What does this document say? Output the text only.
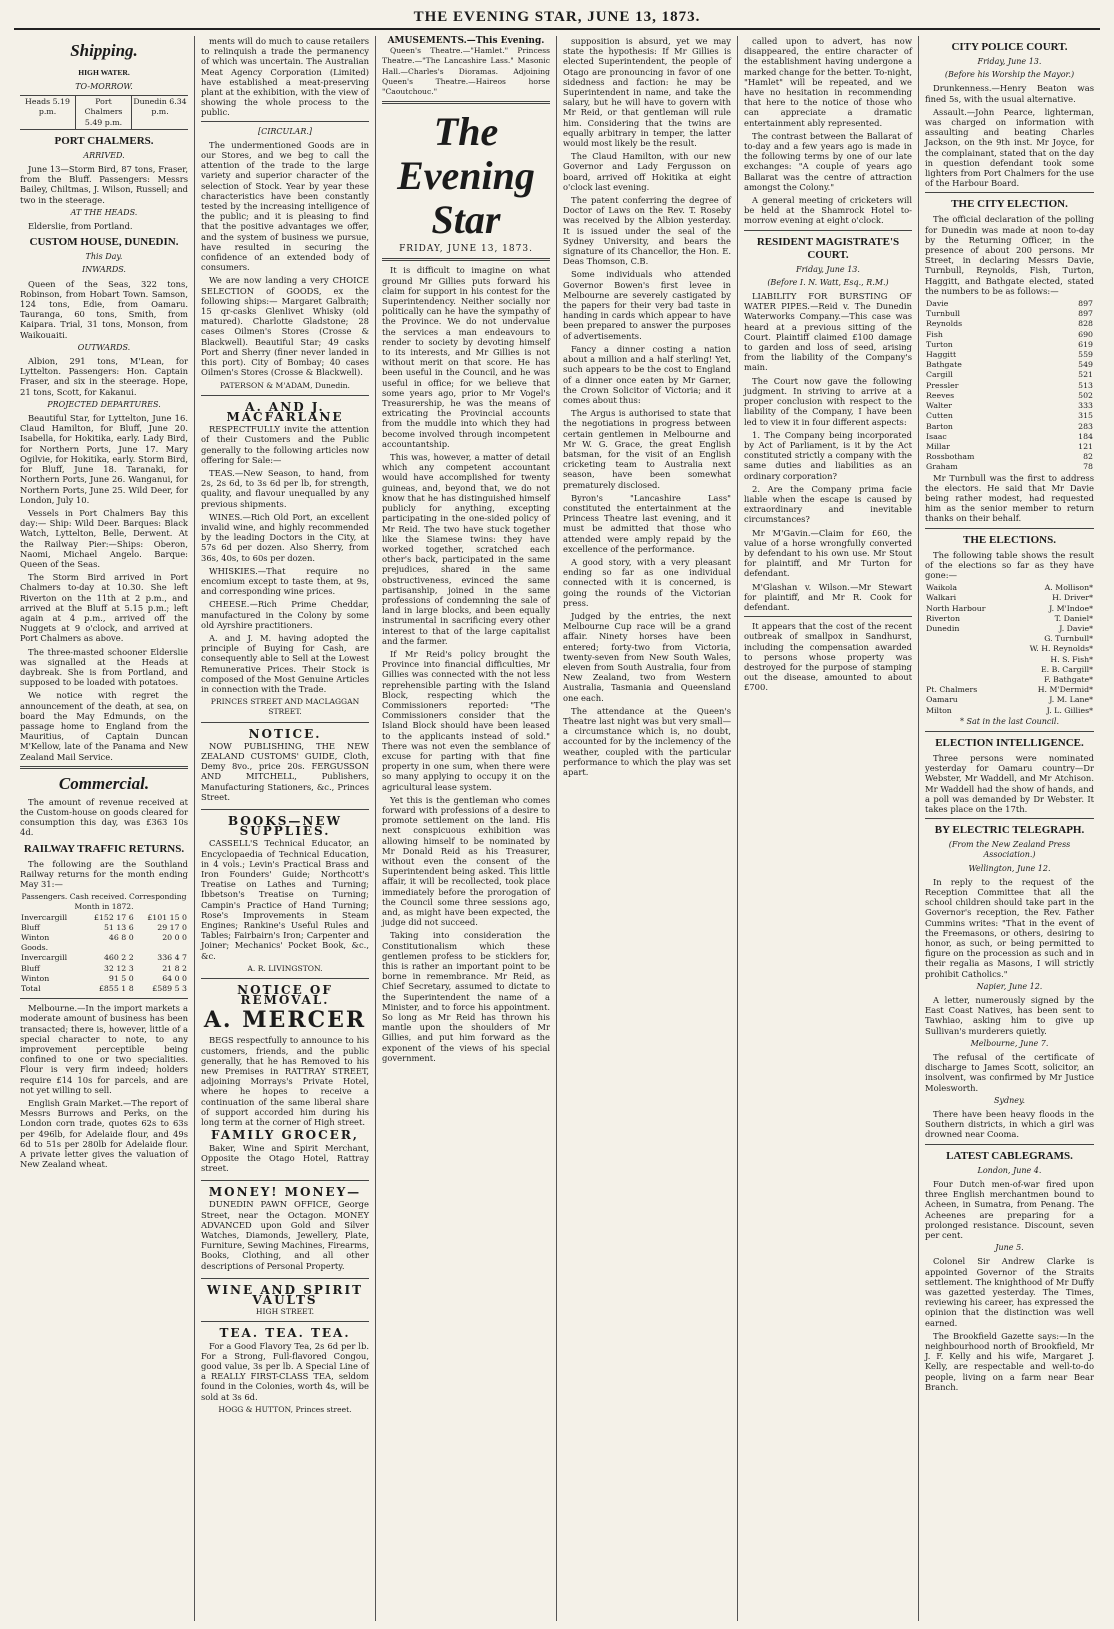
THE EVENING STAR, JUNE 13, 1873.
Shipping.
HIGH WATER.
TO-MORROW.
Heads 5.19 p.m.
Port Chalmers 5.49 p.m.
Dunedin 6.34 p.m.
PORT CHALMERS.
ARRIVED.

June 13—Storm Bird, 87 tons, Fraser, from the Bluff. Passengers: Messrs Bailey, Chiltmas, J. Wilson, Russell; and two in the steerage.

AT THE HEADS.

Elderslie, from Portland.

CUSTOM HOUSE, DUNEDIN.
This Day.
INWARDS.

Queen of the Seas, 322 tons, Robinson, from Hobart Town. Samson, 124 tons, Edie, from Oamaru. Tauranga, 60 tons, Smith, from Kaipara. Trial, 31 tons, Monson, from Waikouaiti.

OUTWARDS.

Albion, 291 tons, M'Lean, for Lyttelton. Passengers: Hon. Captain Fraser, and six in the steerage. Hope, 21 tons, Scott, for Kakanui.

PROJECTED DEPARTURES.

Beautiful Star, for Lyttelton, June 16. Claud Hamilton, for Bluff, June 20. Isabella, for Hokitika, early. Lady Bird, for Northern Ports, June 17. Mary Ogilvie, for Hokitika, early. Storm Bird, for Bluff, June 18. Taranaki, for Northern Ports, June 26. Wanganui, for Northern Ports, June 25. Wild Deer, for London, July 10.

Vessels in Port Chalmers Bay this day:— Ship: Wild Deer. Barques: Black Watch, Lyttelton, Belle, Derwent. At the Railway Pier:—Ships: Oberon, Naomi, Michael Angelo. Barque: Queen of the Seas.

The Storm Bird arrived in Port Chalmers to-day at 10.30. She left Riverton on the 11th at 2 p.m., and arrived at the Bluff at 5.15 p.m.; left again at 4 p.m., arrived off the Nuggets at 9 o'clock, and arrived at Port Chalmers as above.

The three-masted schooner Elderslie was signalled at the Heads at daybreak. She is from Portland, and supposed to be loaded with potatoes.

We notice with regret the announcement of the death, at sea, on board the May Edmunds, on the passage home to England from the Mauritius, of Captain Duncan M'Kellow, late of the Panama and New Zealand Mail Service.

Commercial.

The amount of revenue received at the Custom-house on goods cleared for consumption this day, was £363 10s 4d.

RAILWAY TRAFFIC RETURNS.

The following are the Southland Railway returns for the month ending May 31:—

Passengers. Cash received. Corresponding Month in 1872.
Invercargill	£152 17 6	£101 15 0
Bluff	51 13 6	29 17 0
Winton	46 8 0	20 0 0
Goods.		
Invercargill	460 2 2	336 4 7
Bluff	32 12 3	21 8 2
Winton	91 5 0	64 0 0
Total	£855 1 8	£589 5 3

Melbourne.—In the import markets a moderate amount of business has been transacted; there is, however, little of a special character to note, to any improvement perceptible being confined to one or two specialities. Flour is very firm indeed; holders require £14 10s for parcels, and are not yet willing to sell.

English Grain Market.—The report of Messrs Burrows and Perks, on the London corn trade, quotes 62s to 63s per 496lb, for Adelaide flour, and 49s 6d to 51s per 280lb for Adelaide flour. A private letter gives the valuation of New Zealand wheat.

ments will do much to cause retailers to relinquish a trade the permanency of which was uncertain. The Australian Meat Agency Corporation (Limited) have established a meat-preserving plant at the exhibition, with the view of showing the whole process to the public.

[CIRCULAR.]

The undermentioned Goods are in our Stores, and we beg to call the attention of the trade to the large variety and superior character of the selection of Stock. Year by year these characteristics have been constantly tested by the increasing intelligence of the public; and it is pleasing to find that the positive advantages we offer, and the system of business we pursue, have resulted in securing the confidence of an extended body of consumers.

We are now landing a very CHOICE SELECTION of GOODS, ex the following ships:— Margaret Galbraith; 15 qr-casks Glenlivet Whisky (old matured). Charlotte Gladstone; 28 cases Oilmen's Stores (Crosse & Blackwell). Beautiful Star; 49 casks Port and Sherry (finer never landed in this port). City of Bombay; 40 cases Oilmen's Stores (Crosse & Blackwell).

PATERSON & M'ADAM, Dunedin.
A. AND J. MACFARLANE

RESPECTFULLY invite the attention of their Customers and the Public generally to the following articles now offering for Sale:—

TEAS.—New Season, to hand, from 2s, 2s 6d, to 3s 6d per lb, for strength, quality, and flavour unequalled by any previous shipments.

WINES.—Rich Old Port, an excellent invalid wine, and highly recommended by the leading Doctors in the City, at 57s 6d per dozen. Also Sherry, from 36s, 40s, to 60s per dozen.

WHISKIES.—That require no encomium except to taste them, at 9s, and corresponding wine prices.

CHEESE.—Rich Prime Cheddar, manufactured in the Colony by some old Ayrshire practitioners.

A. and J. M. having adopted the principle of Buying for Cash, are consequently able to Sell at the Lowest Remunerative Prices. Their Stock is composed of the Most Genuine Articles in connection with the Trade.

PRINCES STREET AND MACLAGGAN STREET.
NOTICE.

NOW PUBLISHING, THE NEW ZEALAND CUSTOMS' GUIDE, Cloth, Demy 8vo., price 20s. FERGUSSON AND MITCHELL, Publishers, Manufacturing Stationers, &c., Princes Street.

BOOKS—NEW SUPPLIES.

CASSELL'S Technical Educator, an Encyclopaedia of Technical Education, in 4 vols.; Levin's Practical Brass and Iron Founders' Guide; Northcott's Treatise on Lathes and Turning; Ibbetson's Treatise on Turning; Campin's Practice of Hand Turning; Rose's Improvements in Steam Engines; Rankine's Useful Rules and Tables; Fairbairn's Iron; Carpenter and Joiner; Mechanics' Pocket Book, &c., &c.

A. R. LIVINGSTON.
NOTICE OF REMOVAL.
A. MERCER

BEGS respectfully to announce to his customers, friends, and the public generally, that he has Removed to his new Premises in RATTRAY STREET, adjoining Morrays's Private Hotel, where he hopes to receive a continuation of the same liberal share of support accorded him during his long term at the corner of High street.

FAMILY GROCER,

Baker, Wine and Spirit Merchant, Opposite the Otago Hotel, Rattray street.

MONEY! MONEY—

DUNEDIN PAWN OFFICE, George Street, near the Octagon. MONEY ADVANCED upon Gold and Silver Watches, Diamonds, Jewellery, Plate, Furniture, Sewing Machines, Firearms, Books, Clothing, and all other descriptions of Personal Property.

WINE AND SPIRIT VAULTS
HIGH STREET.
TEA. TEA. TEA.

For a Good Flavory Tea, 2s 6d per lb. For a Strong, Full-flavored Congou, good value, 3s per lb. A Special Line of a REALLY FIRST-CLASS TEA, seldom found in the Colonies, worth 4s, will be sold at 3s 6d.

HOGG & HUTTON, Princes street.
AMUSEMENTS.—This Evening.

Queen's Theatre.—"Hamlet." Princess Theatre.—"The Lancashire Lass." Masonic Hall.—Charles's Dioramas. Adjoining Queen's Theatre.—Haireos horse "Caoutchouc."

The Evening Star
FRIDAY, JUNE 13, 1873.

It is difficult to imagine on what ground Mr Gillies puts forward his claim for support in his contest for the Superintendency. Neither socially nor politically can he have the sympathy of the Province. We do not undervalue the services a man endeavours to render to society by devoting himself to its interests, and Mr Gillies is not without merit on that score. He has been useful in the Council, and he was useful in office; for we believe that some years ago, prior to Mr Vogel's Treasurership, he was the means of extricating the Provincial accounts from the muddle into which they had become involved through incompetent accountantship.

This was, however, a matter of detail which any competent accountant would have accomplished for twenty guineas, and, beyond that, we do not know that he has distinguished himself publicly for anything, excepting participating in the one-sided policy of Mr Reid. The two have stuck together like the Siamese twins: they have worked together, scratched each other's back, participated in the same prejudices, shared in the same obstructiveness, evinced the same partisanship, joined in the same professions of condemning the sale of land in large blocks, and been equally instrumental in sacrificing every other interest to that of the large capitalist and the farmer.

If Mr Reid's policy brought the Province into financial difficulties, Mr Gillies was connected with the not less reprehensible parting with the Island Block, respecting which the Commissioners reported: "The Commissioners consider that the Island Block should have been leased to the applicants instead of sold." There was not even the semblance of excuse for parting with that fine property in one sum, when there were so many applying to occupy it on the agricultural lease system.

Yet this is the gentleman who comes forward with professions of a desire to promote settlement on the land. His next conspicuous exhibition was allowing himself to be nominated by Mr Donald Reid as his Treasurer, without even the consent of the Superintendent being asked. This little affair, it will be recollected, took place immediately before the prorogation of the Council some three sessions ago, and, as might have been expected, the judge did not succeed.

Taking into consideration the Constitutionalism which these gentlemen profess to be sticklers for, this is rather an important point to be borne in remembrance. Mr Reid, as Chief Secretary, assumed to dictate to the Superintendent the name of a Minister, and to force his appointment. So long as Mr Reid has thrown his mantle upon the shoulders of Mr Gillies, and put him forward as the exponent of the views of his special government.

supposition is absurd, yet we may state the hypothesis: If Mr Gillies is elected Superintendent, the people of Otago are pronouncing in favor of one sidedness and faction: he may be Superintendent in name, and take the salary, but he will have to govern with Mr Reid, or that gentleman will rule him. Considering that the twins are equally arbitrary in temper, the latter would most likely be the result.

The Claud Hamilton, with our new Governor and Lady Fergusson on board, arrived off Hokitika at eight o'clock last evening.

The patent conferring the degree of Doctor of Laws on the Rev. T. Roseby was received by the Albion yesterday. It is issued under the seal of the Sydney University, and bears the signature of its Chancellor, the Hon. E. Deas Thomson, C.B.

Some individuals who attended Governor Bowen's first levee in Melbourne are severely castigated by the papers for their very bad taste in handing in cards which appear to have been prepared to answer the purposes of advertisements.

Fancy a dinner costing a nation about a million and a half sterling! Yet, such appears to be the cost to England of a dinner once eaten by Mr Garner, the Crown Solicitor of Victoria; and it comes about thus:

The Argus is authorised to state that the negotiations in progress between certain gentlemen in Melbourne and Mr W. G. Grace, the great English batsman, for the visit of an English cricketing team to Australia next season, have been somewhat prematurely disclosed.

Byron's "Lancashire Lass" constituted the entertainment at the Princess Theatre last evening, and it must be admitted that those who attended were amply repaid by the excellence of the performance.

A good story, with a very pleasant ending so far as one individual connected with it is concerned, is going the rounds of the Victorian press.

Judged by the entries, the next Melbourne Cup race will be a grand affair. Ninety horses have been entered; forty-two from Victoria, twenty-seven from New South Wales, eleven from South Australia, four from New Zealand, two from Western Australia, Tasmania and Queensland one each.

The attendance at the Queen's Theatre last night was but very small—a circumstance which is, no doubt, accounted for by the inclemency of the weather, coupled with the particular performance to which the play was set apart.

called upon to advert, has now disappeared, the entire character of the establishment having undergone a marked change for the better. To-night, "Hamlet" will be repeated, and we have no hesitation in recommending that here to the notice of those who can appreciate a dramatic entertainment ably represented.

The contrast between the Ballarat of to-day and a few years ago is made in the following terms by one of our late exchanges: "A couple of years ago Ballarat was the centre of attraction amongst the Colony."

A general meeting of cricketers will be held at the Shamrock Hotel to-morrow evening at eight o'clock.

RESIDENT MAGISTRATE'S COURT.
Friday, June 13.
(Before I. N. Watt, Esq., R.M.)

LIABILITY FOR BURSTING OF WATER PIPES.—Reid v. The Dunedin Waterworks Company.—This case was heard at a previous sitting of the Court. Plaintiff claimed £100 damage to garden and loss of seed, arising from the liability of the Company's main.

The Court now gave the following judgment. In striving to arrive at a proper conclusion with respect to the liability of the Company, I have been led to view it in four different aspects:

1. The Company being incorporated by Act of Parliament, is it by the Act constituted strictly a company with the same duties and liabilities as an ordinary corporation?

2. Are the Company prima facie liable when the escape is caused by extraordinary and inevitable circumstances?

Mr M'Gavin.—Claim for £60, the value of a horse wrongfully converted by defendant to his own use. Mr Stout for plaintiff, and Mr Turton for defendant.

M'Glashan v. Wilson.—Mr Stewart for plaintiff, and Mr R. Cook for defendant.

It appears that the cost of the recent outbreak of smallpox in Sandhurst, including the compensation awarded to persons whose property was destroyed for the purpose of stamping out the disease, amounted to about £700.

CITY POLICE COURT.
Friday, June 13.
(Before his Worship the Mayor.)

Drunkenness.—Henry Beaton was fined 5s, with the usual alternative.

Assault.—John Pearce, lighterman, was charged on information with assaulting and beating Charles Jackson, on the 9th inst. Mr Joyce, for the complainant, stated that on the day in question defendant took some lighters from Port Chalmers for the use of the Harbour Board.

THE CITY ELECTION.

The official declaration of the polling for Dunedin was made at noon to-day by the Returning Officer, in the presence of about 200 persons. Mr Street, in declaring Messrs Davie, Turnbull, Reynolds, Fish, Turton, Haggitt, and Bathgate elected, stated the numbers to be as follows:—

Davie	897
Turnbull	897
Reynolds	828
Fish	690
Turton	619
Haggitt	559
Bathgate	549
Cargill	521
Pressler	513
Reeves	502
Walter	333
Cutten	315
Barton	283
Isaac	184
Millar	121
Rossbotham	82
Graham	78

Mr Turnbull was the first to address the electors. He said that Mr Davie being rather modest, had requested him as the senior member to return thanks on their behalf.

THE ELECTIONS.

The following table shows the result of the elections so far as they have gone:—

Waikola	A. Mollison*
Walkari	H. Driver*
North Harbour	J. M'Indoe*
Riverton	T. Daniel*
Dunedin	J. Davie*
	G. Turnbull*
	W. H. Reynolds*
	H. S. Fish*
	E. B. Cargill*
	F. Bathgate*
Pt. Chalmers	H. M'Dermid*
Oamaru	J. M. Lane*
Milton	J. L. Gillies*
* Sat in the last Council.
ELECTION INTELLIGENCE.

Three persons were nominated yesterday for Oamaru country—Dr Webster, Mr Waddell, and Mr Atchison. Mr Waddell had the show of hands, and a poll was demanded by Dr Webster. It takes place on the 17th.

BY ELECTRIC TELEGRAPH.
(From the New Zealand Press Association.)
Wellington, June 12.

In reply to the request of the Reception Committee that all the school children should take part in the Governor's reception, the Rev. Father Cummins writes: "That in the event of the Freemasons, or others, desiring to honor, as such, or being permitted to figure on the procession as such and in their regalia as Masons, I will strictly prohibit Catholics."

Napier, June 12.

A letter, numerously signed by the East Coast Natives, has been sent to Tawhiao, asking him to give up Sullivan's murderers quietly.

Melbourne, June 7.

The refusal of the certificate of discharge to James Scott, solicitor, an insolvent, was confirmed by Mr Justice Molesworth.

Sydney.

There have been heavy floods in the Southern districts, in which a girl was drowned near Cooma.

LATEST CABLEGRAMS.
London, June 4.

Four Dutch men-of-war fired upon three English merchantmen bound to Acheen, in Sumatra, from Penang. The Acheenes are preparing for a prolonged resistance. Discount, seven per cent.

June 5.

Colonel Sir Andrew Clarke is appointed Governor of the Straits settlement. The knighthood of Mr Duffy was gazetted yesterday. The Times, reviewing his career, has expressed the opinion that the distinction was well earned.

The Brookfield Gazette says:—In the neighbourhood north of Brookfield, Mr J. F. Kelly and his wife, Margaret J. Kelly, are respectable and well-to-do people, living on a farm near Bear Branch.
